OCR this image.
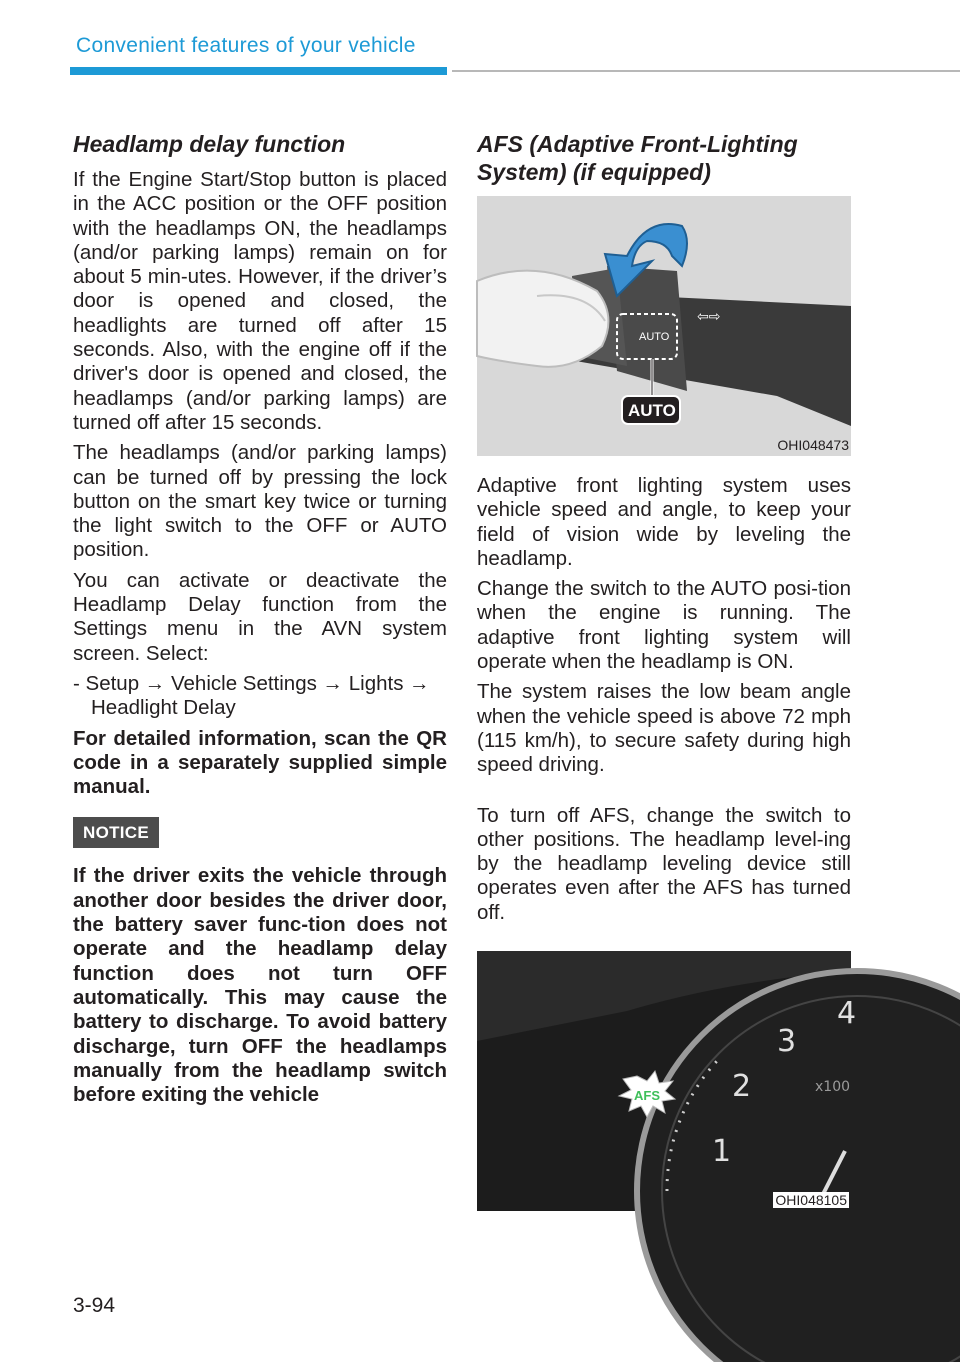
Convenient features of your vehicle
Headlamp delay function

If the Engine Start/Stop button is placed in the ACC position or the OFF position with the headlamps ON, the headlamps (and/or parking lamps) remain on for about 5 min-utes. However, if the driver’s door is opened and closed, the headlights are turned off after 15 seconds. Also, with the engine off if the driver's door is opened and closed, the headlamps (and/or parking lamps) are turned off after 15 seconds.

The headlamps (and/or parking lamps) can be turned off by pressing the lock button on the smart key twice or turning the light switch to the OFF or AUTO position.

You can activate or deactivate the Headlamp Delay function from the Settings menu in the AVN system screen. Select:

- Setup → Vehicle Settings → Lights → Headlight Delay

For detailed information, scan the QR code in a separately supplied simple manual.

NOTICE

If the driver exits the vehicle through another door besides the driver door, the battery saver func-tion does not operate and the headlamp delay function does not turn OFF automatically. This may cause the battery to discharge. To avoid battery discharge, turn OFF the headlamps manually from the headlamp switch before exiting the vehicle

AFS (Adaptive Front-Lighting System) (if equipped)
AUTO
⇦⇨
AUTO
OHI048473

Adaptive front lighting system uses vehicle speed and angle, to keep your field of vision wide by leveling the headlamp.

Change the switch to the AUTO posi-tion when the engine is running. The adaptive front lighting system will operate when the headlamp is ON.

The system raises the low beam angle when the vehicle speed is above 72 mph (115 km/h), to secure safety during high speed driving.

To turn off AFS, change the switch to other positions. The headlamp level-ing by the headlamp leveling device still operates even after the AFS has turned off.

1
2
3
4
x100
AFS
OHI048105
3-94
